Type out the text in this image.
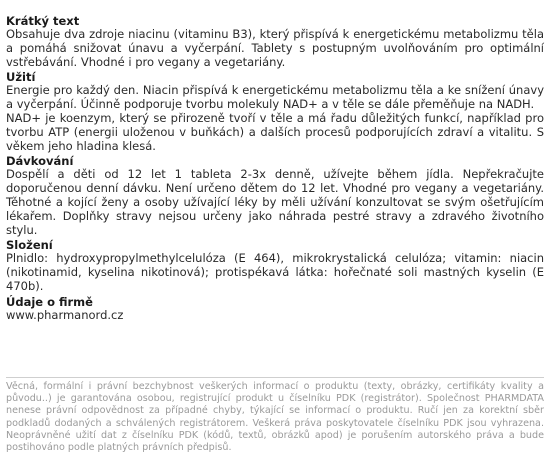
Krátký text

Obsahuje dva zdroje niacinu (vitaminu B3), který přispívá k energetickému metabolizmu těla a pomáhá snižovat únavu a vyčerpání. Tablety s postupným uvolňováním pro optimální vstřebávání. Vhodné i pro vegany a vegetariány.

Užití

Energie pro každý den. Niacin přispívá k energetickému metabolizmu těla a ke snížení únavy a vyčerpání. Účinně podporuje tvorbu molekuly NAD+ a v těle se dále přeměňuje na NADH.

NAD+ je koenzym, který se přirozeně tvoří v těle a má řadu důležitých funkcí, například pro tvorbu ATP (energii uloženou v buňkách) a dalších procesů podporujících zdraví a vitalitu. S věkem jeho hladina klesá.

Dávkování

Dospělí a děti od 12 let 1 tableta 2-3x denně, užívejte během jídla. Nepřekračujte doporučenou denní dávku. Není určeno dětem do 12 let. Vhodné pro vegany a vegetariány. Těhotné a kojící ženy a osoby užívající léky by měli užívání konzultovat se svým ošetřujícím lékařem. Doplňky stravy nejsou určeny jako náhrada pestré stravy a zdravého životního stylu.

Složení

Plnidlo: hydroxypropylmethylcelulóza (E 464), mikrokrystalická celulóza; vitamin: niacin (nikotinamid, kyselina nikotinová); protispékavá látka: hořečnaté soli mastných kyselin (E 470b).

Údaje o firmě

www.pharmanord.cz

Věcná, formální i právní bezchybnost veškerých informací o produktu (texty, obrázky, certifikáty kvality a původu..) je garantována osobou, registrující produkt u číselníku PDK (registrátor). Společnost PHARMDATA nenese právní odpovědnost za případné chyby, týkající se informací o produktu. Ručí jen za korektní sběr podkladů dodaných a schválených registrátorem. Veškerá práva poskytovatele číselníku PDK jsou vyhrazena. Neoprávněné užití dat z číselníku PDK (kódů, textů, obrázků apod) je porušením autorského práva a bude postihováno podle platných právních předpisů.
